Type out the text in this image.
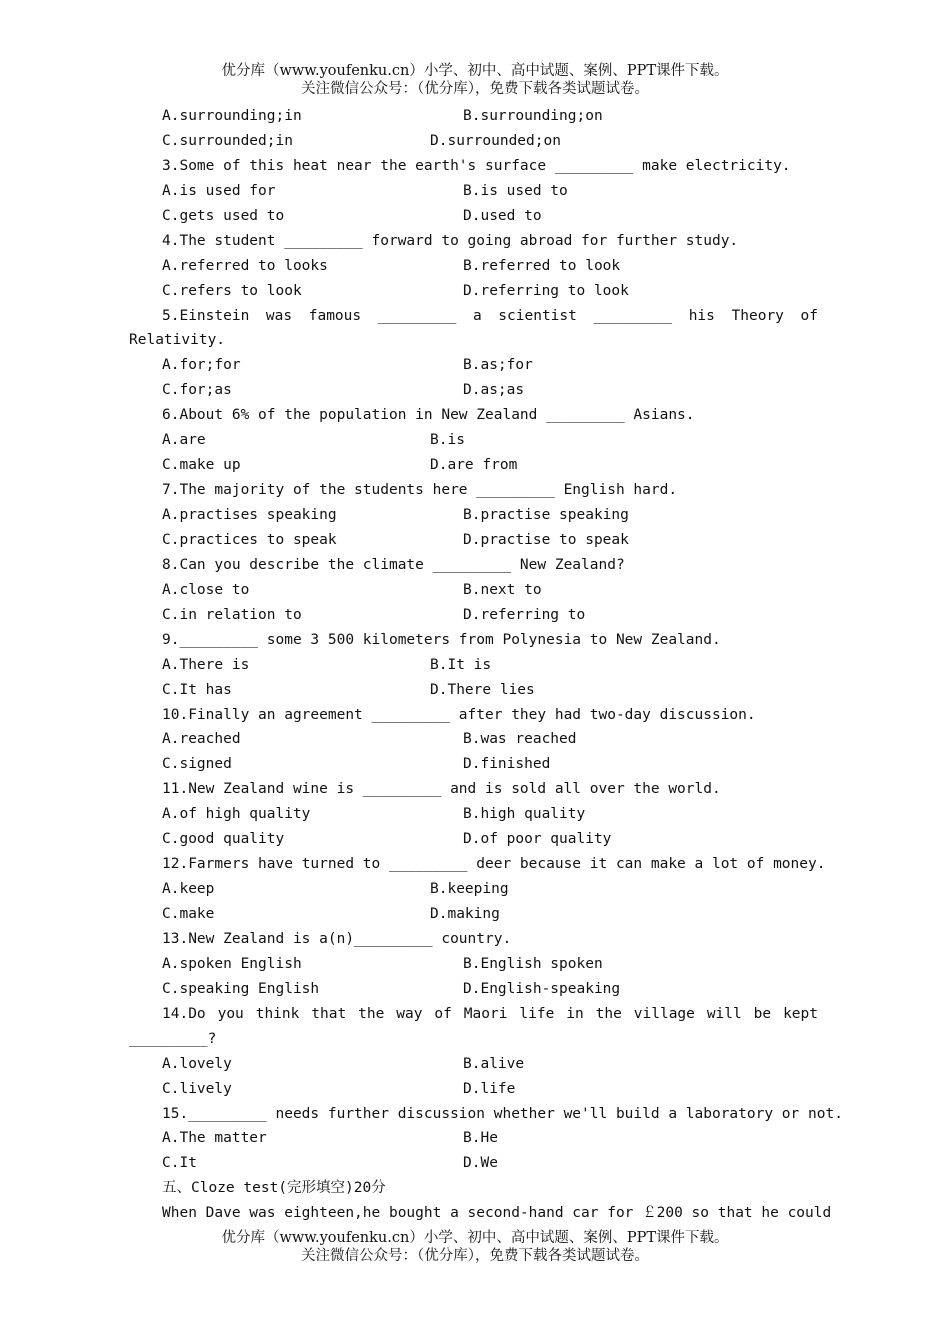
优分库（www.youfenku.cn）小学、初中、高中试题、案例、PPT课件下载。
关注微信公众号：（优分库），免费下载各类试题试卷。
A.surrounding;in	B.surrounding;on
C.surrounded;in	D.surrounded;on
3.Some of this heat near the earth's surface _________ make electricity.
A.is used for	B.is used to
C.gets used to	D.used to
4.The student _________ forward to going abroad for further study.
A.referred to looks	B.referred to look
C.refers to look	D.referring to look
5.Einstein was famous _________ a scientist _________ his Theory of
Relativity.
A.for;for	B.as;for
C.for;as	D.as;as
6.About 6% of the population in New Zealand _________ Asians.
A.are	B.is
C.make up	D.are from
7.The majority of the students here _________ English hard.
A.practises speaking	B.practise speaking
C.practices to speak	D.practise to speak
8.Can you describe the climate _________ New Zealand?
A.close to	B.next to
C.in relation to	D.referring to
9._________ some 3 500 kilometers from Polynesia to New Zealand.
A.There is	B.It is
C.It has	D.There lies
10.Finally an agreement _________ after they had two-day discussion.
A.reached	B.was reached
C.signed	D.finished
11.New Zealand wine is _________ and is sold all over the world.
A.of high quality	B.high quality
C.good quality	D.of poor quality
12.Farmers have turned to _________ deer because it can make a lot of money.
A.keep	B.keeping
C.make	D.making
13.New Zealand is a(n)_________ country.
A.spoken English	B.English spoken
C.speaking English	D.English-speaking
14.Do you think that the way of Maori life in the village will be kept
_________?
A.lovely	B.alive
C.lively	D.life
15._________ needs further discussion whether we'll build a laboratory or not.
A.The matter	B.He
C.It	D.We
五、Cloze test(完形填空)20分
When Dave was eighteen,he bought a second-hand car for ￡200 so that he could
优分库（www.youfenku.cn）小学、初中、高中试题、案例、PPT课件下载。
关注微信公众号：（优分库），免费下载各类试题试卷。
